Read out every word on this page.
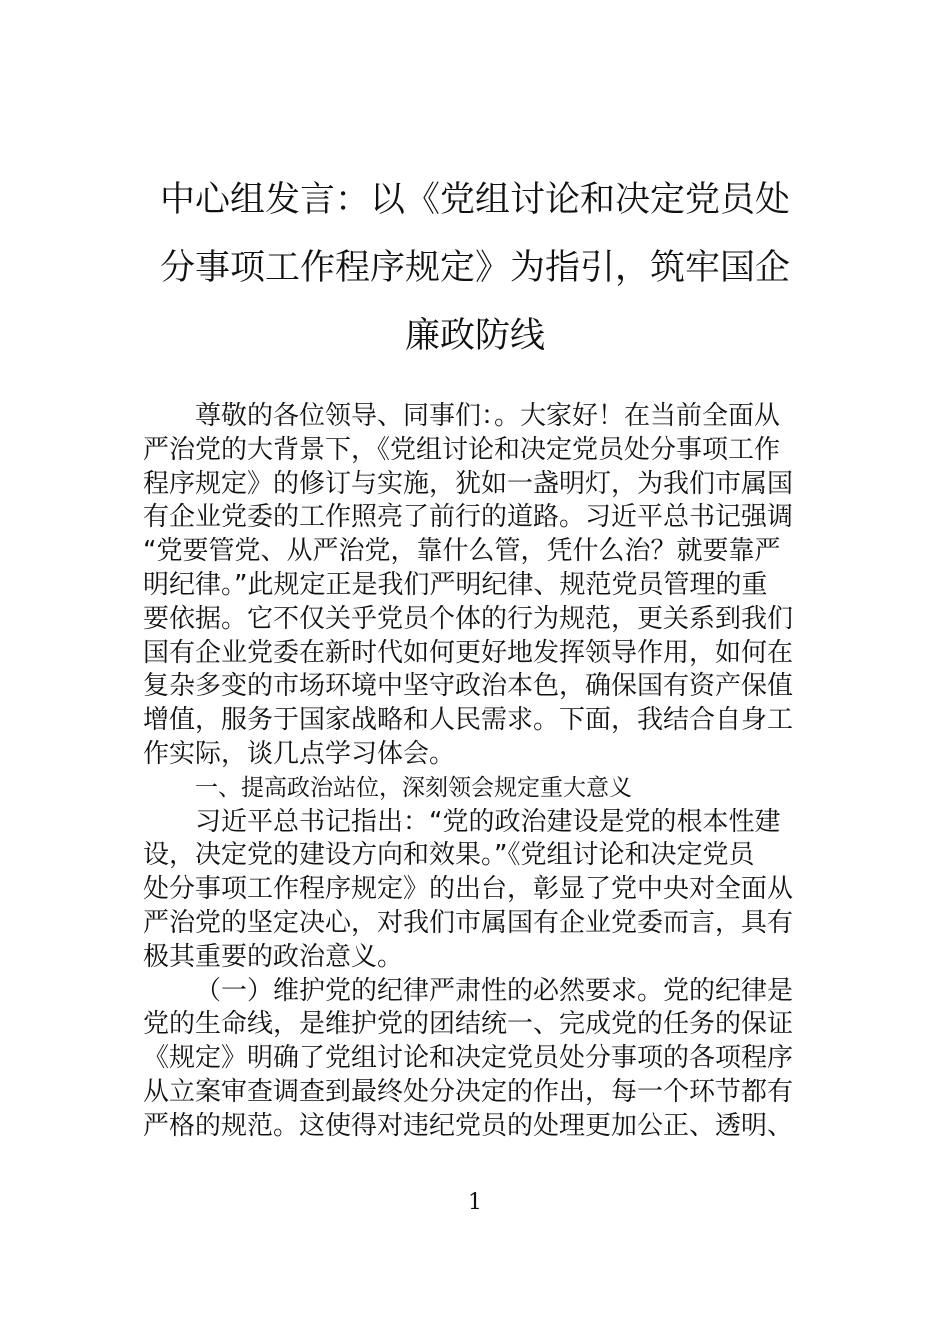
中心组发言：以《党组讨论和决定党员处
分事项工作程序规定》为指引，筑牢国企
廉政防线
尊敬的各位领导、同事们：。大家好！在当前全面从
严治党的大背景下，《党组讨论和决定党员处分事项工作
程序规定》的修订与实施，犹如一盏明灯，为我们市属国
有企业党委的工作照亮了前行的道路。习近平总书记强调
“党要管党、从严治党，靠什么管，凭什么治？就要靠严
明纪律。”此规定正是我们严明纪律、规范党员管理的重
要依据。它不仅关乎党员个体的行为规范，更关系到我们
国有企业党委在新时代如何更好地发挥领导作用，如何在
复杂多变的市场环境中坚守政治本色，确保国有资产保值
增值，服务于国家战略和人民需求。下面，我结合自身工
作实际，谈几点学习体会。
一、提高政治站位，深刻领会规定重大意义
习近平总书记指出：“党的政治建设是党的根本性建
设，决定党的建设方向和效果。”《党组讨论和决定党员
处分事项工作程序规定》的出台，彰显了党中央对全面从
严治党的坚定决心，对我们市属国有企业党委而言，具有
极其重要的政治意义。
（一）维护党的纪律严肃性的必然要求。党的纪律是
党的生命线，是维护党的团结统一、完成党的任务的保证
《规定》明确了党组讨论和决定党员处分事项的各项程序
从立案审查调查到最终处分决定的作出，每一个环节都有
严格的规范。这使得对违纪党员的处理更加公正、透明、
1
